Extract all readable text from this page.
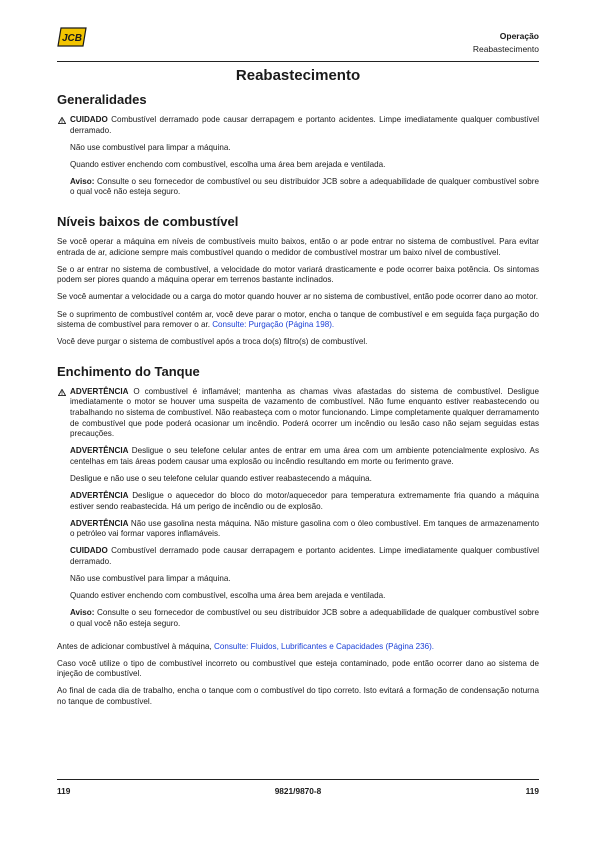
JCB	Operação
Reabastecimento
Reabastecimento
Generalidades

CUIDADO Combustível derramado pode causar derrapagem e portanto acidentes. Limpe imediatamente qualquer combustível derramado.

Não use combustível para limpar a máquina.

Quando estiver enchendo com combustível, escolha uma área bem arejada e ventilada.

Aviso: Consulte o seu fornecedor de combustível ou seu distribuidor JCB sobre a adequabilidade de qualquer combustível sobre o qual você não esteja seguro.

Níveis baixos de combustível

Se você operar a máquina em níveis de combustíveis muito baixos, então o ar pode entrar no sistema de combustível. Para evitar entrada de ar, adicione sempre mais combustível quando o medidor de combustível mostrar um baixo nível de combustível.

Se o ar entrar no sistema de combustível, a velocidade do motor variará drasticamente e pode ocorrer baixa potência. Os sintomas podem ser piores quando a máquina operar em terrenos bastante inclinados.

Se você aumentar a velocidade ou a carga do motor quando houver ar no sistema de combustível, então pode ocorrer dano ao motor.

Se o suprimento de combustível contém ar, você deve parar o motor, encha o tanque de combustível e em seguida faça purgação do sistema de combustível para remover o ar. Consulte: Purgação (Página 198).

Você deve purgar o sistema de combustível após a troca do(s) filtro(s) de combustível.

Enchimento do Tanque

ADVERTÊNCIA O combustível é inflamável; mantenha as chamas vivas afastadas do sistema de combustível. Desligue imediatamente o motor se houver uma suspeita de vazamento de combustível. Não fume enquanto estiver reabastecendo ou trabalhando no sistema de combustível. Não reabasteça com o motor funcionando. Limpe completamente qualquer derramamento de combustível que pode poderá ocasionar um incêndio. Poderá ocorrer um incêndio ou lesão caso não sejam seguidas estas precauções.

ADVERTÊNCIA Desligue o seu telefone celular antes de entrar em uma área com um ambiente potencialmente explosivo. As centelhas em tais áreas podem causar uma explosão ou incêndio resultando em morte ou ferimento grave.

Desligue e não use o seu telefone celular quando estiver reabastecendo a máquina.

ADVERTÊNCIA Desligue o aquecedor do bloco do motor/aquecedor para temperatura extremamente fria quando a máquina estiver sendo reabastecida. Há um perigo de incêndio ou de explosão.

ADVERTÊNCIA Não use gasolina nesta máquina. Não misture gasolina com o óleo combustível. Em tanques de armazenamento o petróleo vai formar vapores inflamáveis.

CUIDADO Combustível derramado pode causar derrapagem e portanto acidentes. Limpe imediatamente qualquer combustível derramado.

Não use combustível para limpar a máquina.

Quando estiver enchendo com combustível, escolha uma área bem arejada e ventilada.

Aviso: Consulte o seu fornecedor de combustível ou seu distribuidor JCB sobre a adequabilidade de qualquer combustível sobre o qual você não esteja seguro.

Antes de adicionar combustível à máquina, Consulte: Fluidos, Lubrificantes e Capacidades (Página 236).

Caso você utilize o tipo de combustível incorreto ou combustível que esteja contaminado, pode então ocorrer dano ao sistema de injeção de combustível.

Ao final de cada dia de trabalho, encha o tanque com o combustível do tipo correto. Isto evitará a formação de condensação noturna no tanque de combustível.

119	9821/9870-8	119
